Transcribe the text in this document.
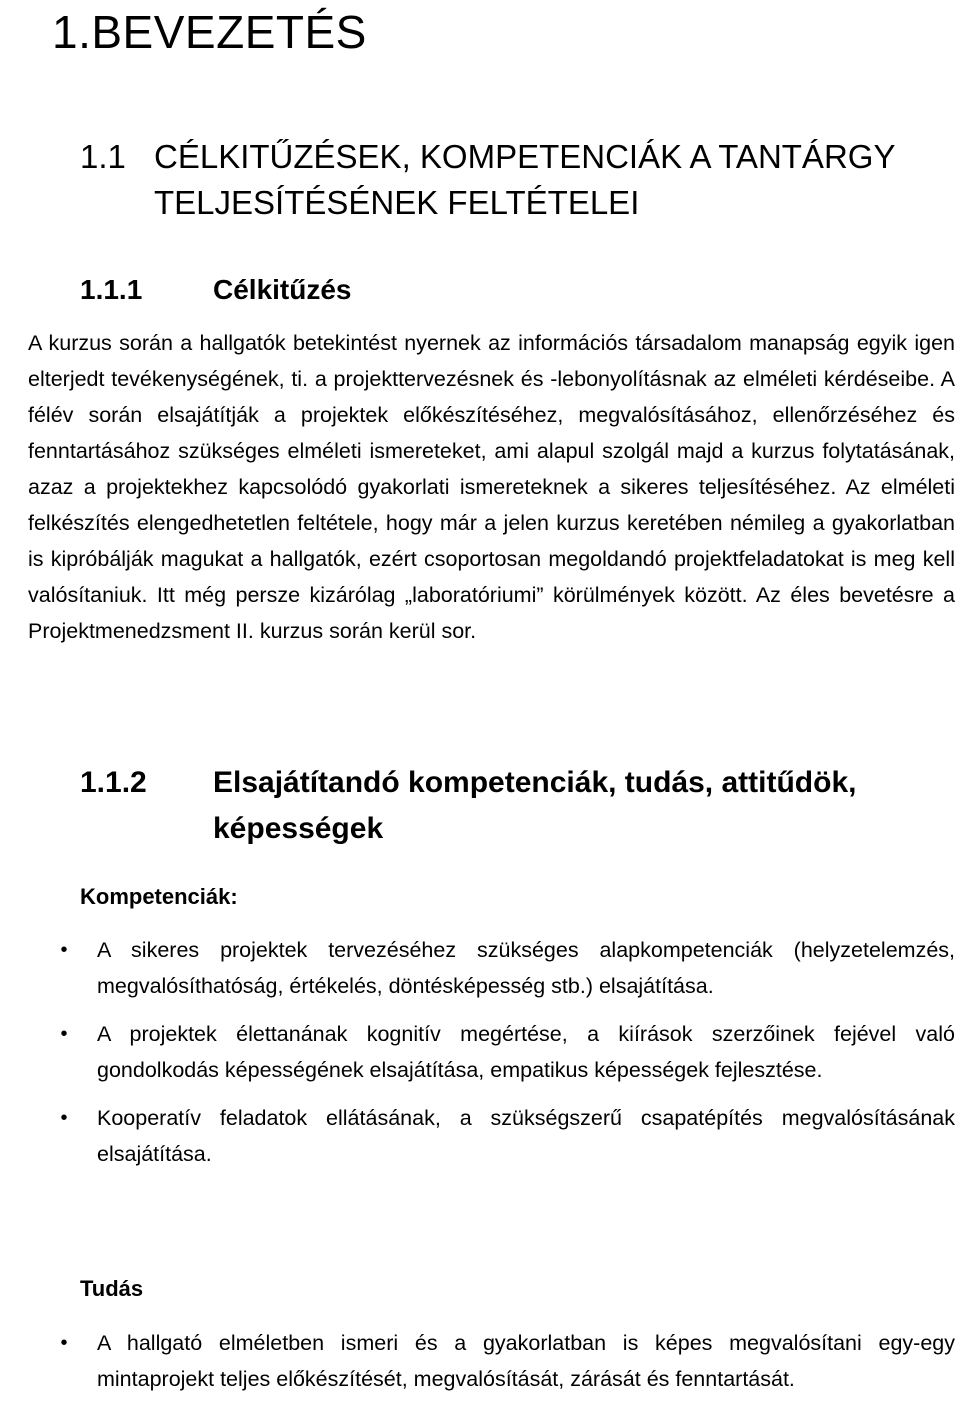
1.BEVEZETÉS
1.1 CÉLKITŰZÉSEK, KOMPETENCIÁK A TANTÁRGY TELJESÍTÉSÉNEK FELTÉTELEI
1.1.1	Célkitűzés
A kurzus során a hallgatók betekintést nyernek az információs társadalom manapság egyik igen elterjedt tevékenységének, ti. a projekttervezésnek és -lebonyolításnak az elméleti kérdéseibe. A félév során elsajátítják a projektek előkészítéséhez, megvalósításához, ellenőrzéséhez és fenntartásához szükséges elméleti ismereteket, ami alapul szolgál majd a kurzus folytatásának, azaz a projektekhez kapcsolódó gyakorlati ismereteknek a sikeres teljesítéséhez. Az elméleti felkészítés elengedhetetlen feltétele, hogy már a jelen kurzus keretében némileg a gyakorlatban is kipróbálják magukat a hallgatók, ezért csoportosan megoldandó projektfeladatokat is meg kell valósítaniuk. Itt még persze kizárólag „laboratóriumi” körülmények között. Az éles bevetésre a Projektmenedzsment II. kurzus során kerül sor.
1.1.2 Elsajátítandó kompetenciák, tudás, attitűdök, képességek
Kompetenciák:
•	A sikeres projektek tervezéséhez szükséges alapkompetenciák (helyzetelemzés, megvalósíthatóság, értékelés, döntésképesség stb.) elsajátítása.
•	A projektek élettanának kognitív megértése, a kiírások szerzőinek fejével való gondolkodás képességének elsajátítása, empatikus képességek fejlesztése.
•	Kooperatív feladatok ellátásának, a szükségszerű csapatépítés megvalósításának elsajátítása.
Tudás
•	A hallgató elméletben ismeri és a gyakorlatban is képes megvalósítani egy-egy mintaprojekt teljes előkészítését, megvalósítását, zárását és fenntartását.
